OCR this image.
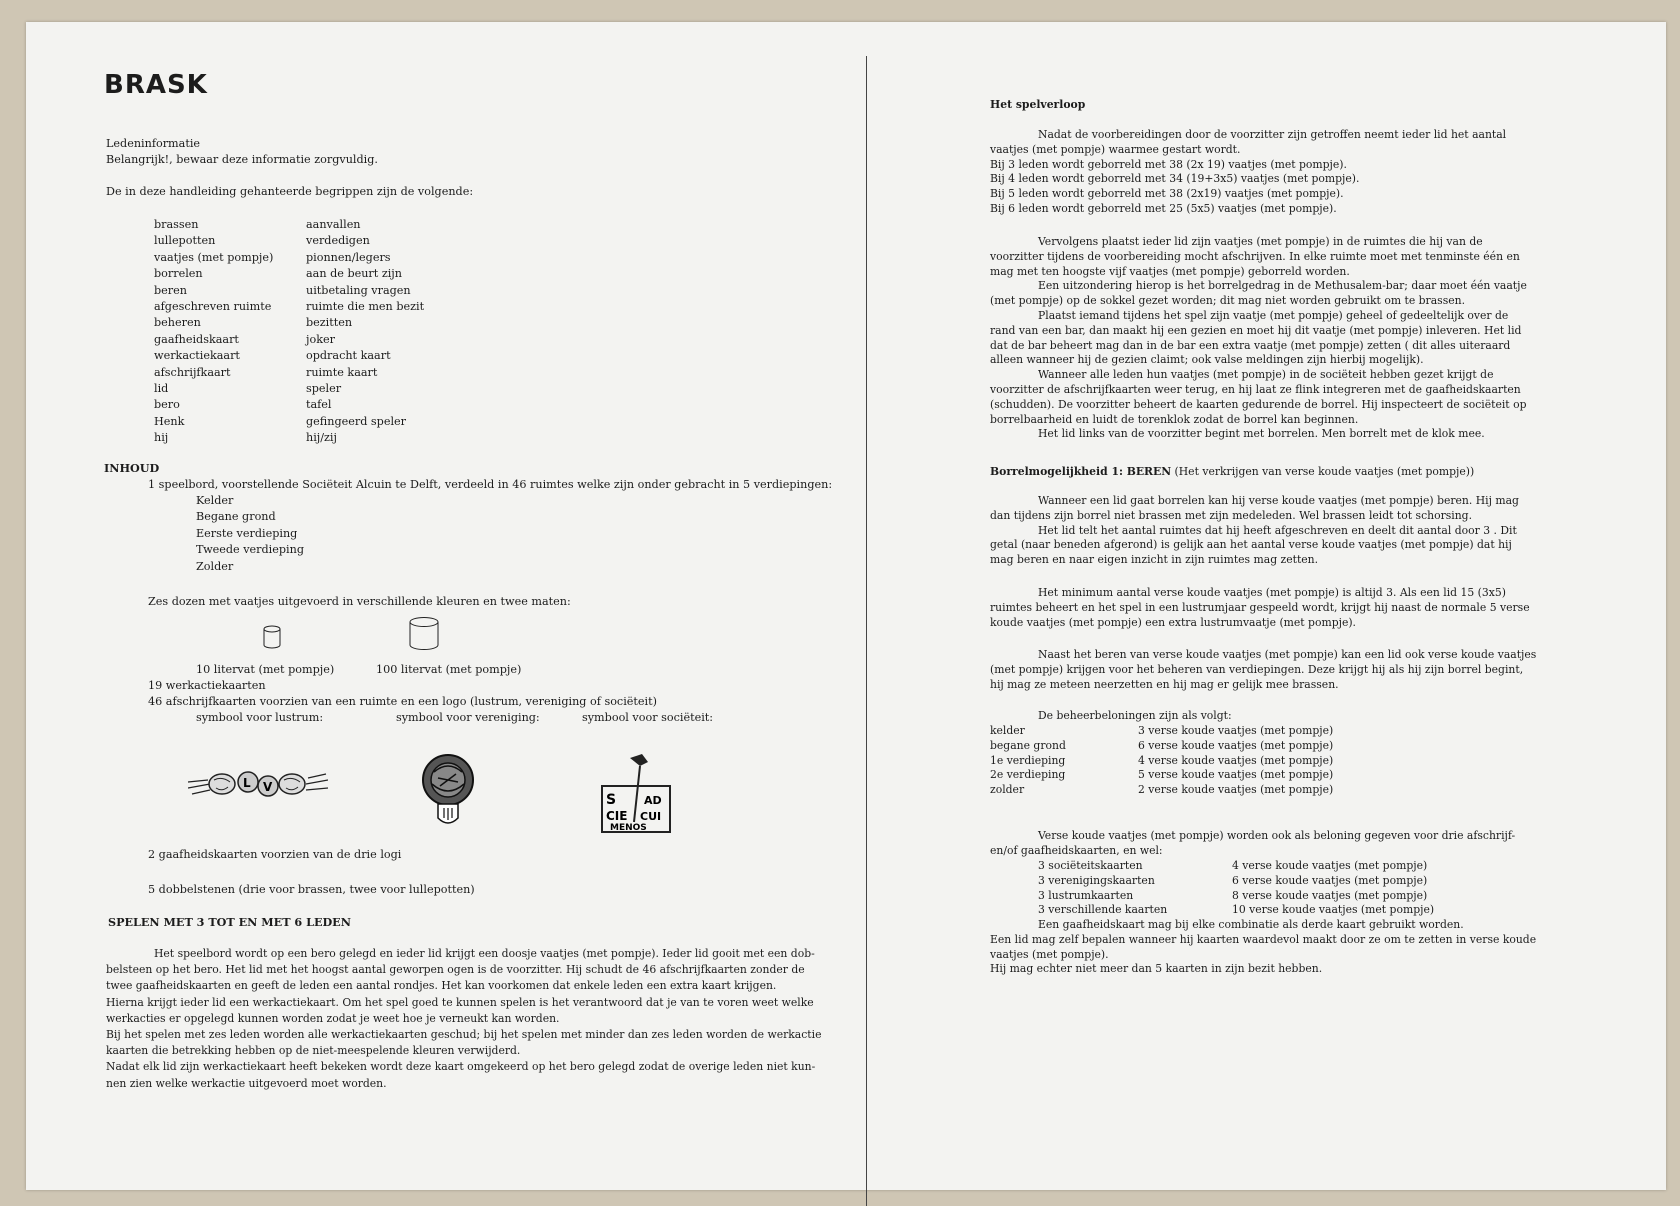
BRASK

Ledeninformatie

Belangrijk!, bewaar deze informatie zorgvuldig.

De in deze handleiding gehanteerde begrippen zijn de volgende:

brassen	aanvallen
lullepotten	verdedigen
vaatjes (met pompje)	pionnen/legers
borrelen	aan de beurt zijn
beren	uitbetaling vragen
afgeschreven ruimte	ruimte die men bezit
beheren	bezitten
gaafheidskaart	joker
werkactiekaart	opdracht kaart
afschrijfkaart	ruimte kaart
lid	speler
bero	tafel
Henk	gefingeerd speler
hij	hij/zij

INHOUD

1 speelbord, voorstellende Sociëteit Alcuin te Delft, verdeeld in 46 ruimtes welke zijn onder gebracht in 5 verdiepingen:

Kelder
Begane grond
Eerste verdieping
Tweede verdieping
Zolder

Zes dozen met vaatjes uitgevoerd in verschillende kleuren en twee maten:

10 litervat (met pompje)	100 litervat (met pompje)

19 werkactiekaarten

46 afschrijfkaarten voorzien van een ruimte en een logo (lustrum, vereniging of sociëteit)

symbool voor lustrum:	symbool voor vereniging:	symbool voor sociëteit:

L V
S	AD
CIE CUI
MENOS

2 gaafheidskaarten voorzien van de drie logi

5 dobbelstenen (drie voor brassen, twee voor lullepotten)

SPELEN MET 3 TOT EN MET 6 LEDEN

Het speelbord wordt op een bero gelegd en ieder lid krijgt een doosje vaatjes (met pompje). Ieder lid gooit met een dob-

belsteen op het bero. Het lid met het hoogst aantal geworpen ogen is de voorzitter. Hij schudt de 46 afschrijfkaarten zonder de

twee gaafheidskaarten en geeft de leden een aantal rondjes. Het kan voorkomen dat enkele leden een extra kaart krijgen.

Hierna krijgt ieder lid een werkactiekaart. Om het spel goed te kunnen spelen is het verantwoord dat je van te voren weet welke

werkacties er opgelegd kunnen worden zodat je weet hoe je verneukt kan worden.

Bij het spelen met zes leden worden alle werkactiekaarten geschud; bij het spelen met minder dan zes leden worden de werkactie

kaarten die betrekking hebben op de niet-meespelende kleuren verwijderd.

Nadat elk lid zijn werkactiekaart heeft bekeken wordt deze kaart omgekeerd op het bero gelegd zodat de overige leden niet kun-

nen zien welke werkactie uitgevoerd moet worden.

Het spelverloop

Nadat de voorbereidingen door de voorzitter zijn getroffen neemt ieder lid het aantal

vaatjes (met pompje) waarmee gestart wordt.

Bij 3 leden wordt geborreld met 38 (2x 19) vaatjes (met pompje).

Bij 4 leden wordt geborreld met 34 (19+3x5) vaatjes (met pompje).

Bij 5 leden wordt geborreld met 38 (2x19) vaatjes (met pompje).

Bij 6 leden wordt geborreld met 25 (5x5) vaatjes (met pompje).

Vervolgens plaatst ieder lid zijn vaatjes (met pompje) in de ruimtes die hij van de

voorzitter tijdens de voorbereiding mocht afschrijven. In elke ruimte moet met tenminste één en

mag met ten hoogste vijf vaatjes (met pompje) geborreld worden.

Een uitzondering hierop is het borrelgedrag in de Methusalem-bar; daar moet één vaatje

(met pompje) op de sokkel gezet worden; dit mag niet worden gebruikt om te brassen.

Plaatst iemand tijdens het spel zijn vaatje (met pompje) geheel of gedeeltelijk over de

rand van een bar, dan maakt hij een gezien en moet hij dit vaatje (met pompje) inleveren. Het lid

dat de bar beheert mag dan in de bar een extra vaatje (met pompje) zetten ( dit alles uiteraard

alleen wanneer hij de gezien claimt; ook valse meldingen zijn hierbij mogelijk).

Wanneer alle leden hun vaatjes (met pompje) in de sociëteit hebben gezet krijgt de

voorzitter de afschrijfkaarten weer terug, en hij laat ze flink integreren met de gaafheidskaarten

(schudden). De voorzitter beheert de kaarten gedurende de borrel. Hij inspecteert de sociëteit op

borrelbaarheid en luidt de torenklok zodat de borrel kan beginnen.

Het lid links van de voorzitter begint met borrelen. Men borrelt met de klok mee.

Borrelmogelijkheid 1: BEREN (Het verkrijgen van verse koude vaatjes (met pompje))

Wanneer een lid gaat borrelen kan hij verse koude vaatjes (met pompje) beren. Hij mag

dan tijdens zijn borrel niet brassen met zijn medeleden. Wel brassen leidt tot schorsing.

Het lid telt het aantal ruimtes dat hij heeft afgeschreven en deelt dit aantal door 3 . Dit

getal (naar beneden afgerond) is gelijk aan het aantal verse koude vaatjes (met pompje) dat hij

mag beren en naar eigen inzicht in zijn ruimtes mag zetten.

Het minimum aantal verse koude vaatjes (met pompje) is altijd 3. Als een lid 15 (3x5)

ruimtes beheert en het spel in een lustrumjaar gespeeld wordt, krijgt hij naast de normale 5 verse

koude vaatjes (met pompje) een extra lustrumvaatje (met pompje).

Naast het beren van verse koude vaatjes (met pompje) kan een lid ook verse koude vaatjes

(met pompje) krijgen voor het beheren van verdiepingen. Deze krijgt hij als hij zijn borrel begint,

hij mag ze meteen neerzetten en hij mag er gelijk mee brassen.

De beheerbeloningen zijn als volgt:

kelder	3 verse koude vaatjes (met pompje)
begane grond	6 verse koude vaatjes (met pompje)
1e verdieping	4 verse koude vaatjes (met pompje)
2e verdieping	5 verse koude vaatjes (met pompje)
zolder	2 verse koude vaatjes (met pompje)

Verse koude vaatjes (met pompje) worden ook als beloning gegeven voor drie afschrijf-

en/of gaafheidskaarten, en wel:

3 sociëteitskaarten	4 verse koude vaatjes (met pompje)
3 verenigingskaarten	6 verse koude vaatjes (met pompje)
3 lustrumkaarten	8 verse koude vaatjes (met pompje)
3 verschillende kaarten	10 verse koude vaatjes (met pompje)

Een gaafheidskaart mag bij elke combinatie als derde kaart gebruikt worden.

Een lid mag zelf bepalen wanneer hij kaarten waardevol maakt door ze om te zetten in verse koude

vaatjes (met pompje).

Hij mag echter niet meer dan 5 kaarten in zijn bezit hebben.
